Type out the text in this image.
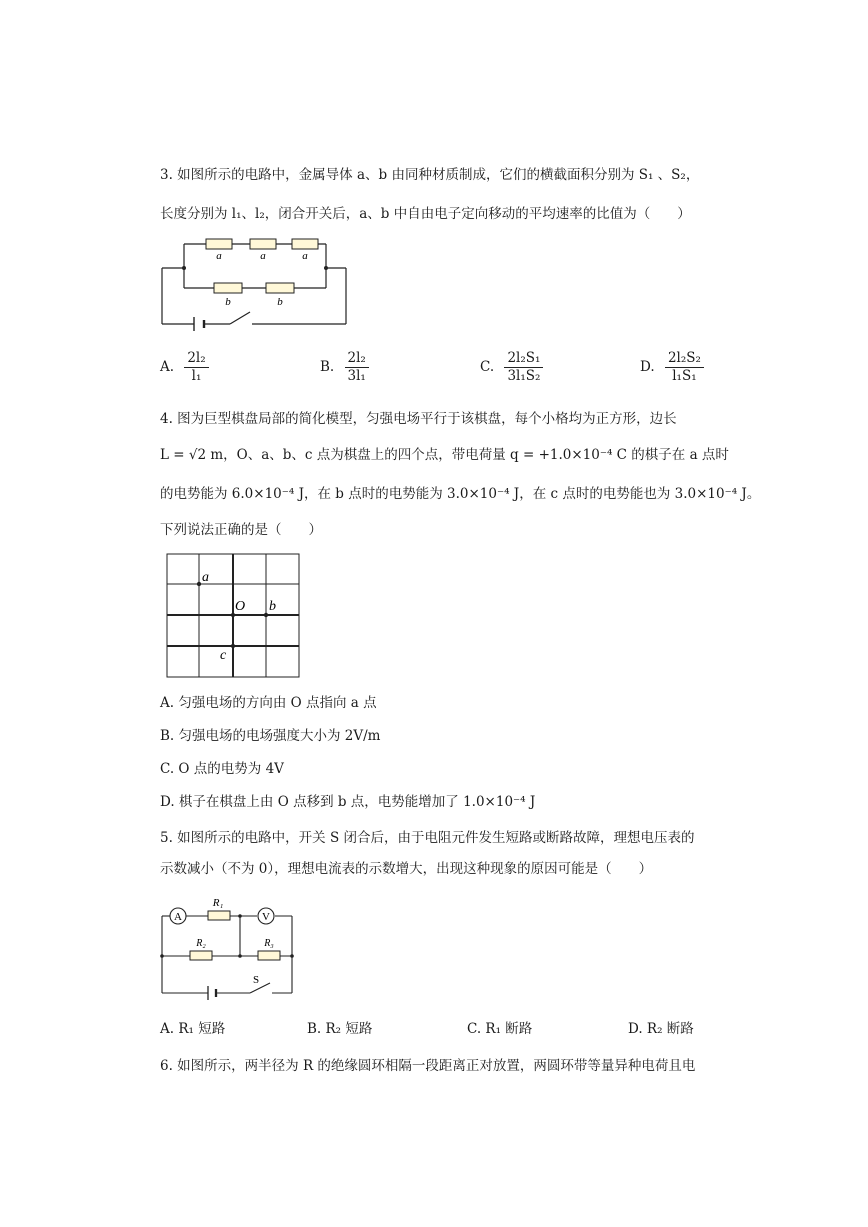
3. 如图所示的电路中，金属导体 a、b 由同种材质制成，它们的横截面积分别为 S₁ 、S₂，
长度分别为 l₁、l₂，闭合开关后，a、b 中自由电子定向移动的平均速率的比值为（　　）
a	a	a
b	b
A. $\frac{\text{2l₂}}{\text{l₁}}$	B. $\frac{\text{2l₂}}{\text{3l₁}}$	C. $\frac{\text{2l₂S₁}}{\text{3l₁S₂}}$	D. $\frac{\text{2l₂S₂}}{\text{l₁S₁}}$
4. 图为巨型棋盘局部的简化模型，匀强电场平行于该棋盘，每个小格均为正方形，边长
L = √2 m，O、a、b、c 点为棋盘上的四个点，带电荷量 q = +1.0×10⁻⁴ C 的棋子在 a 点时
的电势能为 6.0×10⁻⁴ J，在 b 点时的电势能为 3.0×10⁻⁴ J，在 c 点时的电势能也为 3.0×10⁻⁴ J。
下列说法正确的是（　　）
a
O b
c
A. 匀强电场的方向由 O 点指向 a 点
B. 匀强电场的电场强度大小为 2V/m
C. O 点的电势为 4V
D. 棋子在棋盘上由 O 点移到 b 点，电势能增加了 1.0×10⁻⁴ J
5. 如图所示的电路中，开关 S 闭合后，由于电阻元件发生短路或断路故障，理想电压表的
示数减小（不为 0），理想电流表的示数增大，出现这种现象的原因可能是（　　）
A	V
R₁
R₂	R₃
S
A. R₁ 短路	B. R₂ 短路	C. R₁ 断路	D. R₂ 断路
6. 如图所示，两半径为 R 的绝缘圆环相隔一段距离正对放置，两圆环带等量异种电荷且电
